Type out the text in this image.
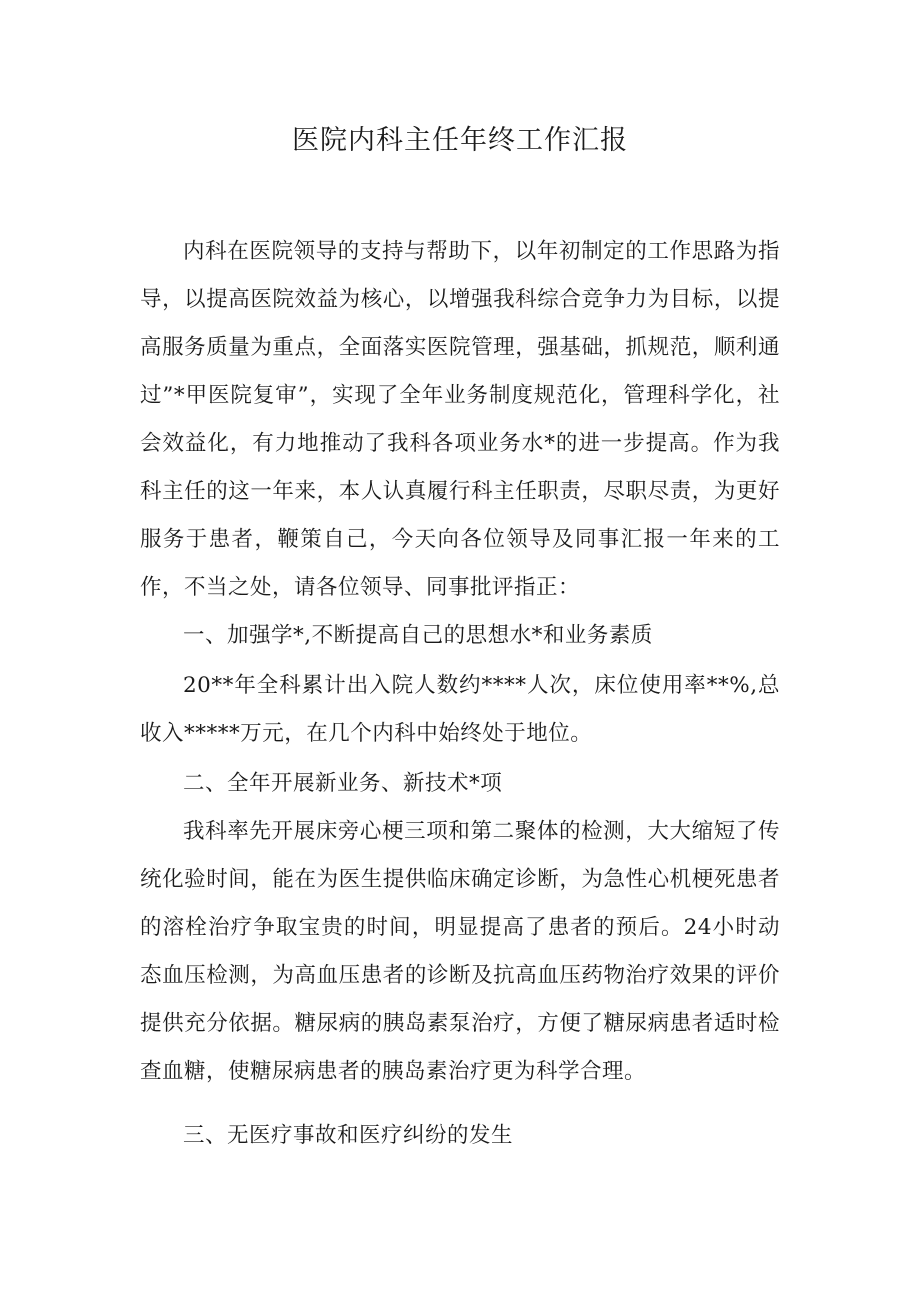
医院内科主任年终工作汇报

内科在医院领导的支持与帮助下，以年初制定的工作思路为指导，以提高医院效益为核心，以增强我科综合竞争力为目标，以提高服务质量为重点，全面落实医院管理，强基础，抓规范，顺利通过”*甲医院复审”，实现了全年业务制度规范化，管理科学化，社会效益化，有力地推动了我科各项业务水*的进一步提高。作为我科主任的这一年来，本人认真履行科主任职责，尽职尽责，为更好服务于患者，鞭策自己，今天向各位领导及同事汇报一年来的工作，不当之处，请各位领导、同事批评指正：

一、加强学*,不断提高自己的思想水*和业务素质

20**年全科累计出入院人数约****人次，床位使用率**%,总收入*****万元，在几个内科中始终处于地位。

二、全年开展新业务、新技术*项

我科率先开展床旁心梗三项和第二聚体的检测，大大缩短了传统化验时间，能在为医生提供临床确定诊断，为急性心机梗死患者的溶栓治疗争取宝贵的时间，明显提高了患者的预后。24小时动态血压检测，为高血压患者的诊断及抗高血压药物治疗效果的评价提供充分依据。糖尿病的胰岛素泵治疗，方便了糖尿病患者适时检查血糖，使糖尿病患者的胰岛素治疗更为科学合理。

三、无医疗事故和医疗纠纷的发生
